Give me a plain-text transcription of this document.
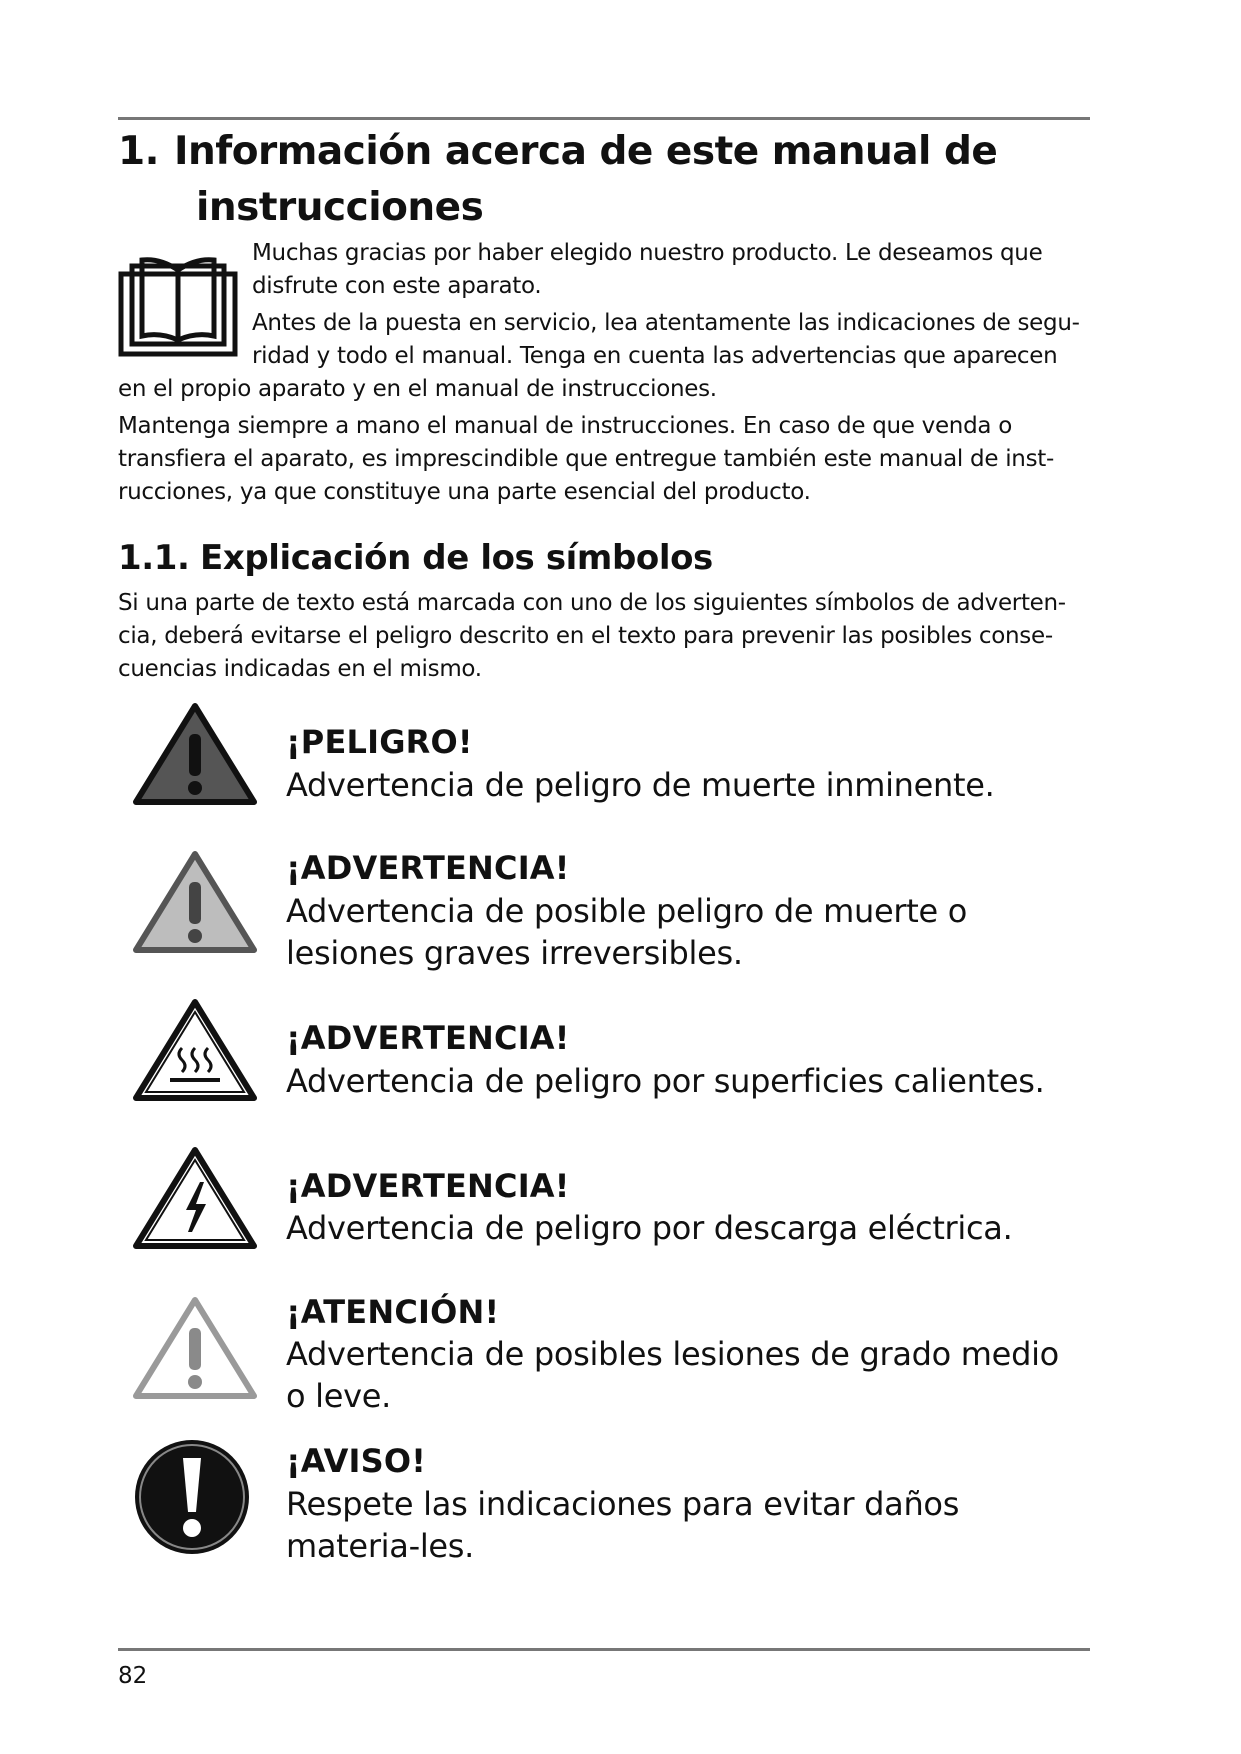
1. Información acerca de este manual de
instrucciones
Muchas gracias por haber elegido nuestro producto. Le deseamos que disfrute con este aparato.
Antes de la puesta en servicio, lea atentamente las indicaciones de segu-ridad y todo el manual. Tenga en cuenta las advertencias que aparecen
en el propio aparato y en el manual de instrucciones.
Mantenga siempre a mano el manual de instrucciones. En caso de que venda o transfiera el aparato, es imprescindible que entregue también este manual de inst-rucciones, ya que constituye una parte esencial del producto.
1.1. Explicación de los símbolos
Si una parte de texto está marcada con uno de los siguientes símbolos de adverten-cia, deberá evitarse el peligro descrito en el texto para prevenir las posibles conse-cuencias indicadas en el mismo.
¡PELIGRO!
Advertencia de peligro de muerte inminente.
¡ADVERTENCIA!
Advertencia de posible peligro de muerte o lesiones graves irreversibles.
¡ADVERTENCIA!
Advertencia de peligro por superficies calientes.
¡ADVERTENCIA!
Advertencia de peligro por descarga eléctrica.
¡ATENCIÓN!
Advertencia de posibles lesiones de grado medio o leve.
¡AVISO!
Respete las indicaciones para evitar daños materia-les.
82
